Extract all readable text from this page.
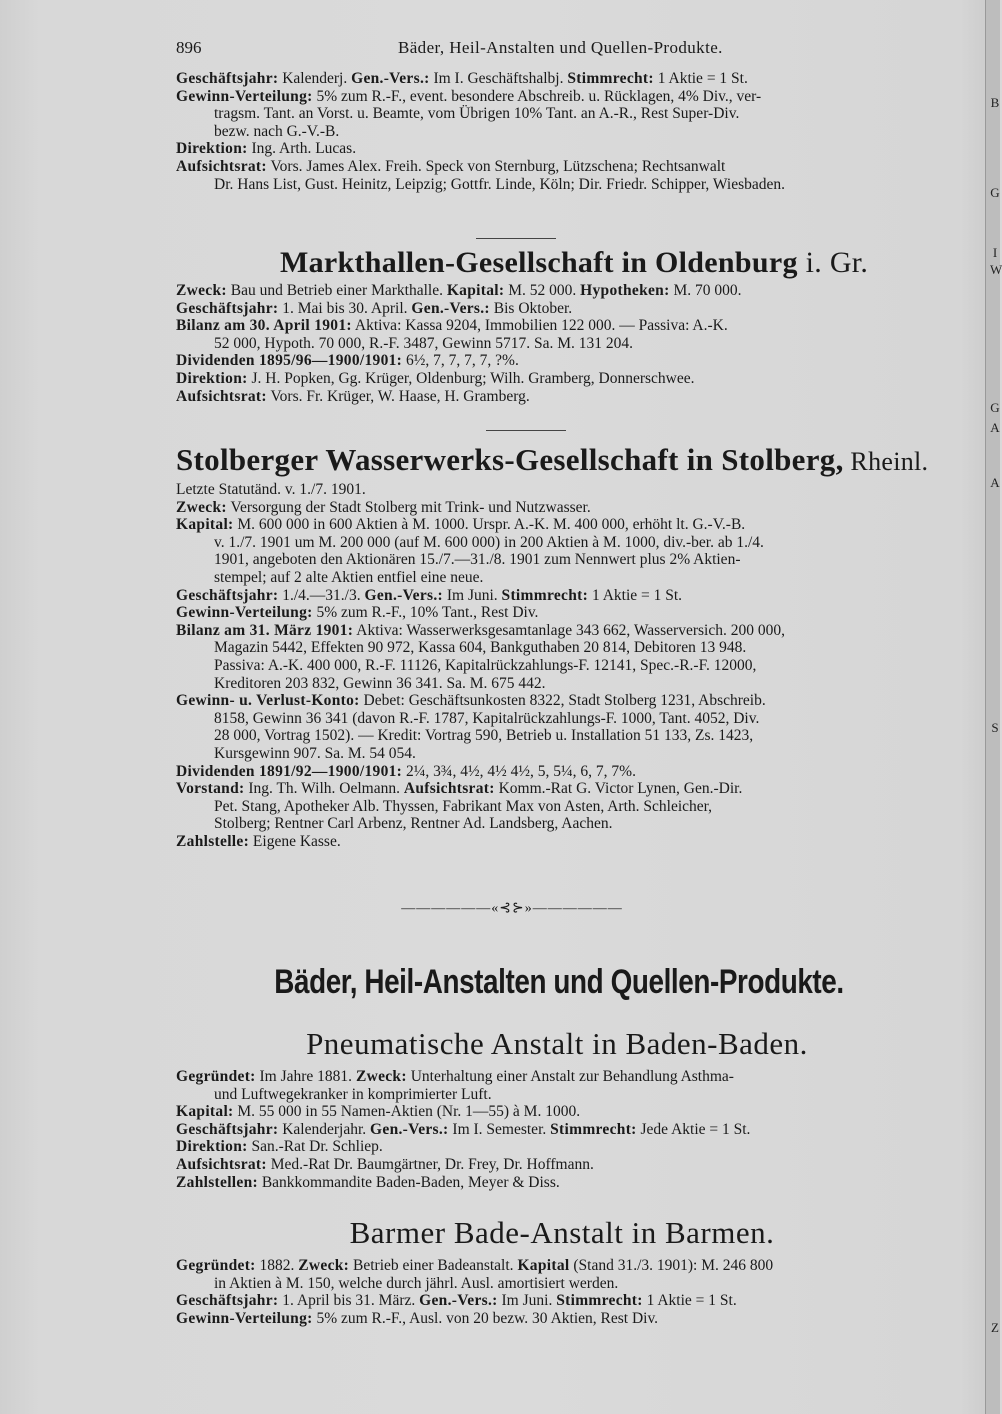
896	Bäder, Heil-Anstalten und Quellen-Produkte.
Geschäftsjahr: Kalenderj. Gen.-Vers.: Im I. Geschäftshalbj. Stimmrecht: 1 Aktie = 1 St.
Gewinn-Verteilung: 5% zum R.-F., event. besondere Abschreib. u. Rücklagen, 4% Div., ver-
tragsm. Tant. an Vorst. u. Beamte, vom Übrigen 10% Tant. an A.-R., Rest Super-Div.
bezw. nach G.-V.-B.
Direktion: Ing. Arth. Lucas.
Aufsichtsrat: Vors. James Alex. Freih. Speck von Sternburg, Lützschena; Rechtsanwalt
Dr. Hans List, Gust. Heinitz, Leipzig; Gottfr. Linde, Köln; Dir. Friedr. Schipper, Wiesbaden.
Markthallen-Gesellschaft in Oldenburg i. Gr.
Zweck: Bau und Betrieb einer Markthalle. Kapital: M. 52 000. Hypotheken: M. 70 000.
Geschäftsjahr: 1. Mai bis 30. April. Gen.-Vers.: Bis Oktober.
Bilanz am 30. April 1901: Aktiva: Kassa 9204, Immobilien 122 000. — Passiva: A.-K.
52 000, Hypoth. 70 000, R.-F. 3487, Gewinn 5717. Sa. M. 131 204.
Dividenden 1895/96—1900/1901: 6½, 7, 7, 7, 7, ?%.
Direktion: J. H. Popken, Gg. Krüger, Oldenburg; Wilh. Gramberg, Donnerschwee.
Aufsichtsrat: Vors. Fr. Krüger, W. Haase, H. Gramberg.
Stolberger Wasserwerks-Gesellschaft in Stolberg, Rheinl.
Letzte Statutänd. v. 1./7. 1901.
Zweck: Versorgung der Stadt Stolberg mit Trink- und Nutzwasser.
Kapital: M. 600 000 in 600 Aktien à M. 1000. Urspr. A.-K. M. 400 000, erhöht lt. G.-V.-B.
v. 1./7. 1901 um M. 200 000 (auf M. 600 000) in 200 Aktien à M. 1000, div.-ber. ab 1./4.
1901, angeboten den Aktionären 15./7.—31./8. 1901 zum Nennwert plus 2% Aktien-
stempel; auf 2 alte Aktien entfiel eine neue.
Geschäftsjahr: 1./4.—31./3. Gen.-Vers.: Im Juni. Stimmrecht: 1 Aktie = 1 St.
Gewinn-Verteilung: 5% zum R.-F., 10% Tant., Rest Div.
Bilanz am 31. März 1901: Aktiva: Wasserwerksgesamtanlage 343 662, Wasserversich. 200 000,
Magazin 5442, Effekten 90 972, Kassa 604, Bankguthaben 20 814, Debitoren 13 948.
Passiva: A.-K. 400 000, R.-F. 11126, Kapitalrückzahlungs-F. 12141, Spec.-R.-F. 12000,
Kreditoren 203 832, Gewinn 36 341. Sa. M. 675 442.
Gewinn- u. Verlust-Konto: Debet: Geschäftsunkosten 8322, Stadt Stolberg 1231, Abschreib.
8158, Gewinn 36 341 (davon R.-F. 1787, Kapitalrückzahlungs-F. 1000, Tant. 4052, Div.
28 000, Vortrag 1502). — Kredit: Vortrag 590, Betrieb u. Installation 51 133, Zs. 1423,
Kursgewinn 907. Sa. M. 54 054.
Dividenden 1891/92—1900/1901: 2¼, 3¾, 4½, 4½ 4½, 5, 5¼, 6, 7, 7%.
Vorstand: Ing. Th. Wilh. Oelmann. Aufsichtsrat: Komm.-Rat G. Victor Lynen, Gen.-Dir.
Pet. Stang, Apotheker Alb. Thyssen, Fabrikant Max von Asten, Arth. Schleicher,
Stolberg; Rentner Carl Arbenz, Rentner Ad. Landsberg, Aachen.
Zahlstelle: Eigene Kasse.
——————«⊰⊱»——————
Bäder, Heil-Anstalten und Quellen-Produkte.
Pneumatische Anstalt in Baden-Baden.
Gegründet: Im Jahre 1881. Zweck: Unterhaltung einer Anstalt zur Behandlung Asthma-
und Luftwegekranker in komprimierter Luft.
Kapital: M. 55 000 in 55 Namen-Aktien (Nr. 1—55) à M. 1000.
Geschäftsjahr: Kalenderjahr. Gen.-Vers.: Im I. Semester. Stimmrecht: Jede Aktie = 1 St.
Direktion: San.-Rat Dr. Schliep.
Aufsichtsrat: Med.-Rat Dr. Baumgärtner, Dr. Frey, Dr. Hoffmann.
Zahlstellen: Bankkommandite Baden-Baden, Meyer & Diss.
Barmer Bade-Anstalt in Barmen.
Gegründet: 1882. Zweck: Betrieb einer Badeanstalt. Kapital (Stand 31./3. 1901): M. 246 800
in Aktien à M. 150, welche durch jährl. Ausl. amortisiert werden.
Geschäftsjahr: 1. April bis 31. März. Gen.-Vers.: Im Juni. Stimmrecht: 1 Aktie = 1 St.
Gewinn-Verteilung: 5% zum R.-F., Ausl. von 20 bezw. 30 Aktien, Rest Div.
B
G
I
W
G
A
A
S
Z
